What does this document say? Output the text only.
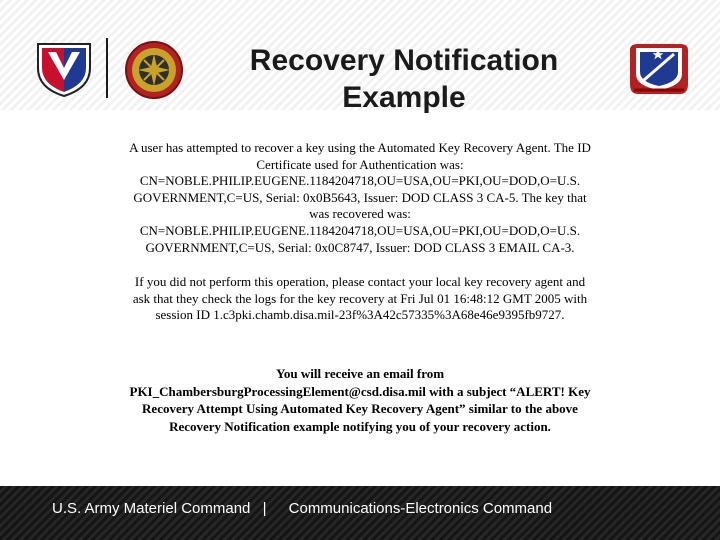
Recovery Notification
Example
A user has attempted to recover a key using the Automated Key Recovery Agent. The ID Certificate used for Authentication was: CN=NOBLE.PHILIP.EUGENE.1184204718,OU=USA,OU=PKI,OU=DOD,O=U.S. GOVERNMENT,C=US, Serial: 0x0B5643, Issuer: DOD CLASS 3 CA-5. The key that was recovered was: CN=NOBLE.PHILIP.EUGENE.1184204718,OU=USA,OU=PKI,OU=DOD,O=U.S. GOVERNMENT,C=US, Serial: 0x0C8747, Issuer: DOD CLASS 3 EMAIL CA-3.
If you did not perform this operation, please contact your local key recovery agent and ask that they check the logs for the key recovery at Fri Jul 01 16:48:12 GMT 2005 with session ID 1.c3pki.chamb.disa.mil-23f%3A42c57335%3A68e46e9395fb9727.
You will receive an email from PKI_ChambersburgProcessingElement@csd.disa.mil with a subject “ALERT! Key Recovery Attempt Using Automated Key Recovery Agent” similar to the above Recovery Notification example notifying you of your recovery action.
U.S. Army Materiel Command | Communications-Electronics Command
